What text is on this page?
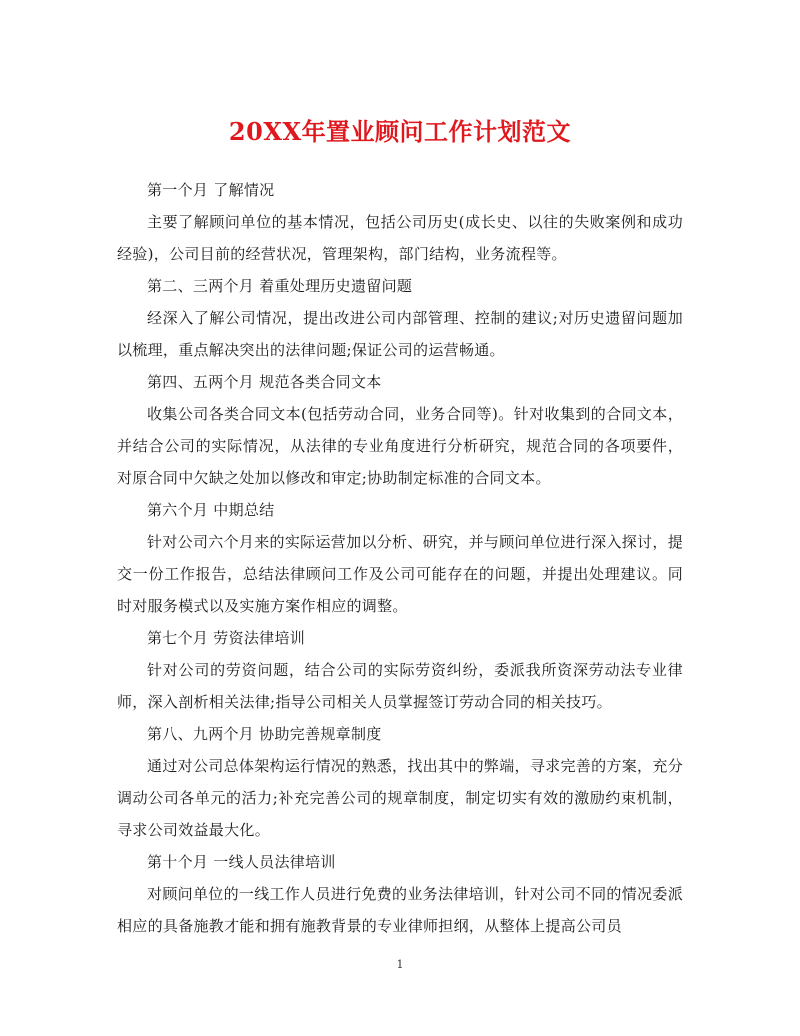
20XX年置业顾问工作计划范文

第一个月 了解情况

主要了解顾问单位的基本情况，包括公司历史(成长史、以往的失败案例和成功经验)，公司目前的经营状况，管理架构，部门结构，业务流程等。

第二、三两个月 着重处理历史遗留问题

经深入了解公司情况，提出改进公司内部管理、控制的建议;对历史遗留问题加以梳理，重点解决突出的法律问题;保证公司的运营畅通。

第四、五两个月 规范各类合同文本

收集公司各类合同文本(包括劳动合同，业务合同等)。针对收集到的合同文本，并结合公司的实际情况，从法律的专业角度进行分析研究，规范合同的各项要件，对原合同中欠缺之处加以修改和审定;协助制定标准的合同文本。

第六个月 中期总结

针对公司六个月来的实际运营加以分析、研究，并与顾问单位进行深入探讨，提交一份工作报告，总结法律顾问工作及公司可能存在的问题，并提出处理建议。同时对服务模式以及实施方案作相应的调整。

第七个月 劳资法律培训

针对公司的劳资问题，结合公司的实际劳资纠纷，委派我所资深劳动法专业律师，深入剖析相关法律;指导公司相关人员掌握签订劳动合同的相关技巧。

第八、九两个月 协助完善规章制度

通过对公司总体架构运行情况的熟悉，找出其中的弊端，寻求完善的方案，充分调动公司各单元的活力;补充完善公司的规章制度，制定切实有效的激励约束机制，寻求公司效益最大化。

第十个月 一线人员法律培训

对顾问单位的一线工作人员进行免费的业务法律培训，针对公司不同的情况委派相应的具备施教才能和拥有施教背景的专业律师担纲，从整体上提高公司员

1
